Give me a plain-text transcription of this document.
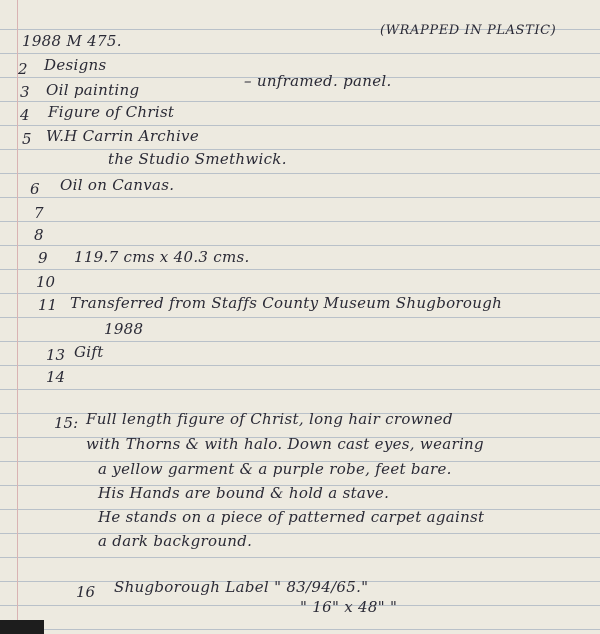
1988 M 475.
(WRAPPED IN PLASTIC)
2 Designs
3 Oil painting	– unframed. panel.
4 Figure of Christ
5 W.H Carrin Archive
the Studio Smethwick.
6 Oil on Canvas.
7
8
9 119.7 cms x 40.3 cms.
10
11 Transferred from Staffs County Museum Shugborough
1988
13 Gift
14
15: Full length figure of Christ, long hair crowned
with Thorns & with halo. Down cast eyes, wearing
a yellow garment & a purple robe, feet bare.
His Hands are bound & hold a stave.
He stands on a piece of patterned carpet against
a dark background.
16 Shugborough Label " 83/94/65."
" 16" x 48" "
